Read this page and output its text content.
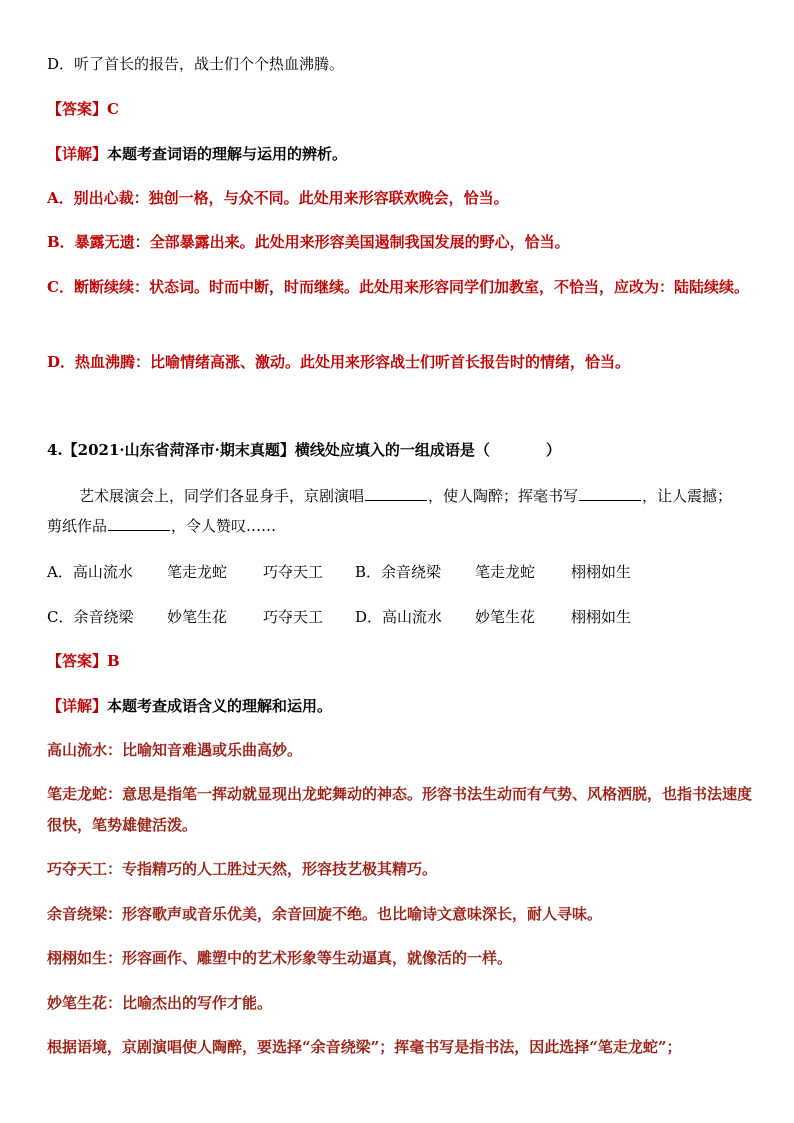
D．听了首长的报告，战士们个个热血沸腾。
【答案】C
【详解】本题考查词语的理解与运用的辨析。
A．别出心裁：独创一格，与众不同。此处用来形容联欢晚会，恰当。
B．暴露无遗：全部暴露出来。此处用来形容美国遏制我国发展的野心，恰当。
C．断断续续：状态词。时而中断，时而继续。此处用来形容同学们加教室，不恰当，应改为：陆陆续续。
D．热血沸腾：比喻情绪高涨、激动。此处用来形容战士们听首长报告时的情绪，恰当。
4.【2021·山东省菏泽市·期末真题】横线处应填入的一组成语是（	）
艺术展演会上，同学们各显身手，京剧演唱	，使人陶醉；挥毫书写	，让人震撼；
剪纸作品	，令人赞叹……
A．高山流水 笔走龙蛇 巧夺天工 B．余音绕梁 笔走龙蛇 栩栩如生
C．余音绕梁 妙笔生花 巧夺天工 D．高山流水 妙笔生花 栩栩如生
【答案】B
【详解】本题考查成语含义的理解和运用。
高山流水：比喻知音难遇或乐曲高妙。
笔走龙蛇：意思是指笔一挥动就显现出龙蛇舞动的神态。形容书法生动而有气势、风格洒脱，也指书法速度很快，笔势雄健活泼。
巧夺天工：专指精巧的人工胜过天然，形容技艺极其精巧。
余音绕梁：形容歌声或音乐优美，余音回旋不绝。也比喻诗文意味深长，耐人寻味。
栩栩如生：形容画作、雕塑中的艺术形象等生动逼真，就像活的一样。
妙笔生花：比喻杰出的写作才能。
根据语境，京剧演唱使人陶醉，要选择“余音绕梁”；挥毫书写是指书法，因此选择“笔走龙蛇”；
